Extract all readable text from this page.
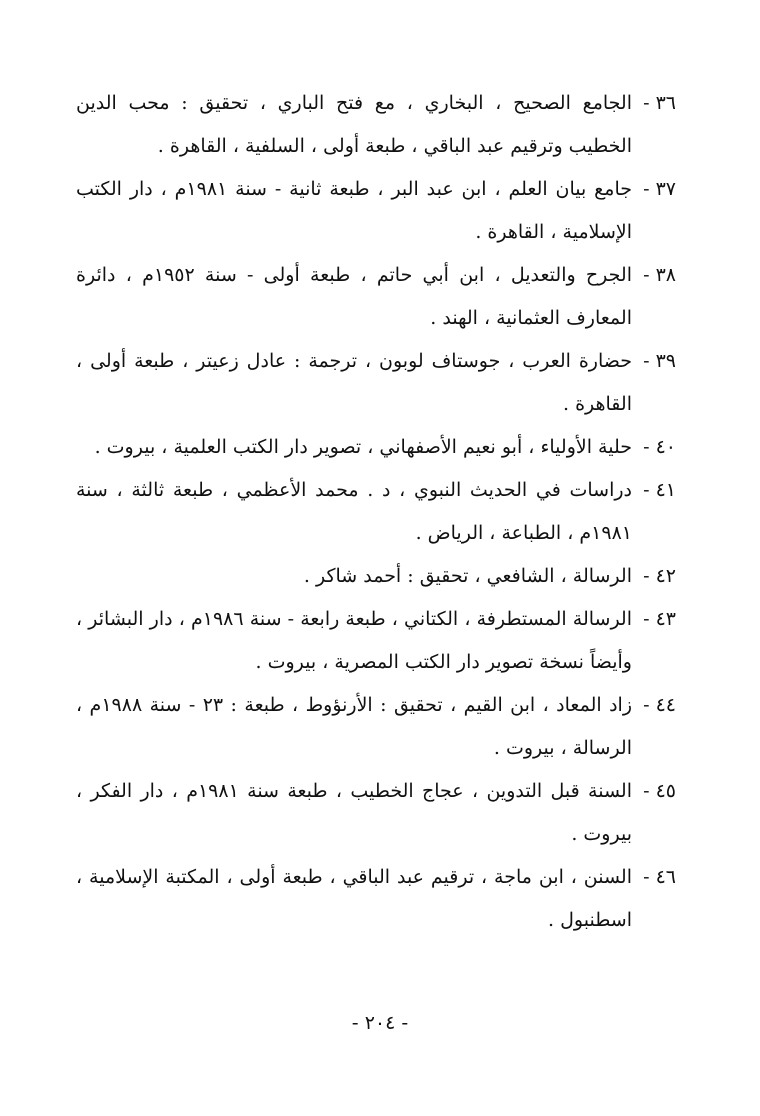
٣٦ -
الجامع الصحيح ، البخاري ، مع فتح الباري ، تحقيق : محب الدين الخطيب وترقيم عبد الباقي ، طبعة أولى ، السلفية ، القاهرة .
٣٧ -
جامع بيان العلم ، ابن عبد البر ، طبعة ثانية - سنة ١٩٨١م ، دار الكتب الإسلامية ، القاهرة .
٣٨ -
الجرح والتعديل ، ابن أبي حاتم ، طبعة أولى - سنة ١٩٥٢م ، دائرة المعارف العثمانية ، الهند .
٣٩ -
حضارة العرب ، جوستاف لوبون ، ترجمة : عادل زعيتر ، طبعة أولى ، القاهرة .
٤٠ -
حلية الأولياء ، أبو نعيم الأصفهاني ، تصوير دار الكتب العلمية ، بيروت .
٤١ -
دراسات في الحديث النبوي ، د . محمد الأعظمي ، طبعة ثالثة ، سنة ١٩٨١م ، الطباعة ، الرياض .
٤٢ -
الرسالة ، الشافعي ، تحقيق : أحمد شاكر .
٤٣ -
الرسالة المستطرفة ، الكتاني ، طبعة رابعة - سنة ١٩٨٦م ، دار البشائر ، وأيضاً نسخة تصوير دار الكتب المصرية ، بيروت .
٤٤ -
زاد المعاد ، ابن القيم ، تحقيق : الأرنؤوط ، طبعة : ٢٣ - سنة ١٩٨٨م ، الرسالة ، بيروت .
٤٥ -
السنة قبل التدوين ، عجاج الخطيب ، طبعة سنة ١٩٨١م ، دار الفكر ، بيروت .
٤٦ -
السنن ، ابن ماجة ، ترقيم عبد الباقي ، طبعة أولى ، المكتبة الإسلامية ، اسطنبول .
- ٢٠٤ -
